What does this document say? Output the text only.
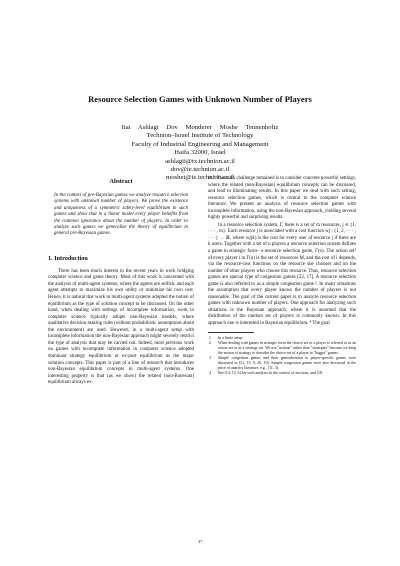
Resource Selection Games with Unknown Number of Players
Itai Ashlagi Dov Monderer Moshe Tennenholtz
Technion–Israel Institute of Technology
Faculty of Industrial Engineering and Management
Haifa 32000, Israel
ashlagii@tx.technion.ac.il
dov@ie.technion.ac.il
moshet@ie.technion.ac.il
Abstract

In the context of pre-Bayesian games we analyze resource selection systems with unknown number of players. We prove the existence and uniqueness of a symmetric safety-level equilibrium in such games and show that in a linear model every player benefits from the common ignorance about the number of players. In order to analyze such games we generalize the theory of equilibrium in general pre-Bayesian games.

1. Introduction

There has been much interest in the recent years in work bridging computer science and game theory. Most of this work is concerned with the analysis of multi-agent systems, where the agents are selfish, and each agent attempts to maximize his own utility or minimize his own cost. Hence, it is natural that work in multi-agent systems adopted the notion of equilibrium as the type of solution concept to be discussed. On the other hand, when dealing with settings of incomplete information, work in computer science typically adopts non-Bayesian models, where qualitative decision making rules (without probabilistic assumptions about the environment) are used. However, in a multi-agent setup with incomplete information the non-Bayesian approach might severely restrict the type of analysis that may be carried out. Indeed, most previous work on games with incomplete information in computer science adopted dominant strategy equilibrium or ex-post equilibrium as the major solution concepts. This paper is part of a line of research that introduces non-Bayesian equilibrium concepts in multi-agent systems. One interesting property is that (as we show) the related (non-Bayesian) equilibrium always ex-

ist.¹ The main challenge remained is to consider concrete powerful settings, where the related (non-Bayesian) equilibrium concepts can be discussed, and lead to illuminating results. In this paper we deal with such setting, resource selection games, which is central to the computer science literature. We present an analysis of resource selection games with incomplete information, using the non-Bayesian approach, yielding several highly powerful and surprising results.

In a resource selection system, Γ, there is a set of m resources, j ∈ {1, · · · , m}. Each resource j is associated with a cost function wj : {1, 2, · · · , · · ·} → ℝ, where wj(k) is the cost for every user of resource j if there are k users. Together with a set of n players a resource selection system defines a game in strategic form– a resource selection game, Γ(n). The action set² of every player i in Γ(n) is the set of resources M, and the cost of i depends, via the resource-cost functions on the resource she chooses and on the number of other players who choose this resource. Thus, resource selection games are special type of congestion games [22, 17]. A resource selection game is also referred to as a simple congestion game.³. In many situations the assumption that every player knows the number of players is not reasonable. The goal of the current paper is to analyze resource selection games with unknown number of players. One approach for analyzing such situations is the Bayesian approach, where it is assumed that the distribution of the random set of players is commonly known. In this approach one is interested in Bayesian equilibrium. ⁴ The goal

1 In a finite setup.

2 When dealing with games in strategic form the choice set of a player is referred to as an action set or as a strategy set. We use "actions" rather than "strategies" because we keep the notion of strategy to describe the choice set of a player in "bigger" games.

3 Simple congestion games and their generalization to player-specific games were discussed in [21, 15, 9, 26, 10]. Simple congestion games were also discussed in the price of anarchy literature, e.g., [11, 3].

4 See [14, 13, 6] for such analysis in the context of auctions, and [18,

37
